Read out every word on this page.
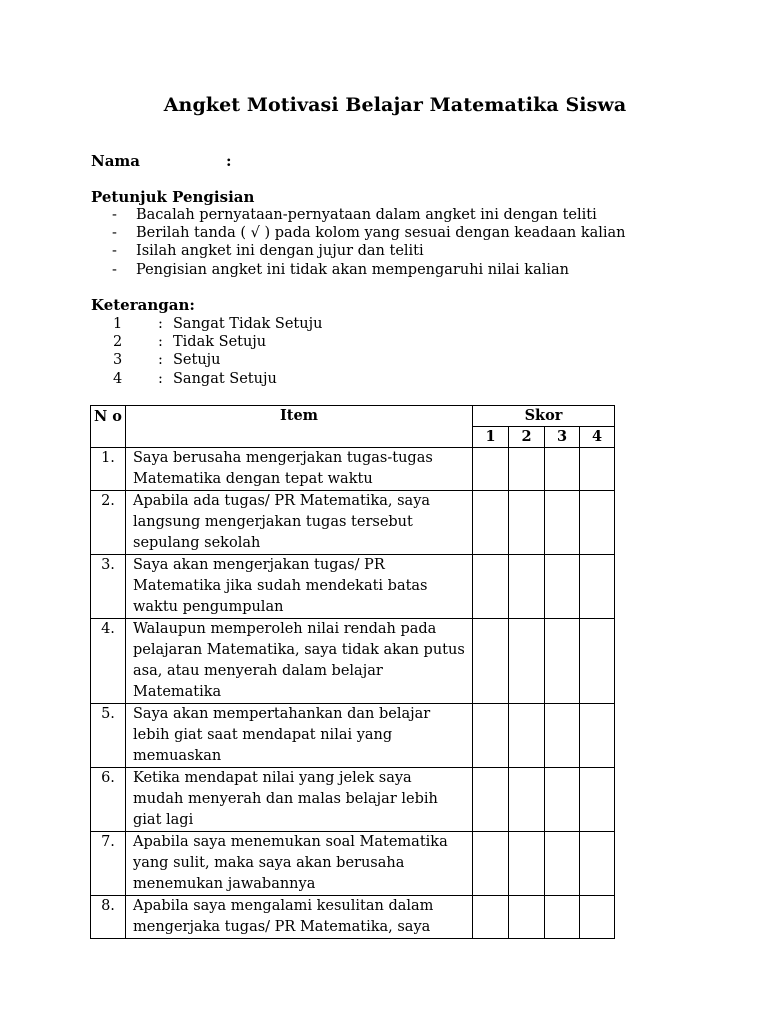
Angket Motivasi Belajar Matematika Siswa
Nama	:
Petunjuk Pengisian
- Bacalah pernyataan-pernyataan dalam angket ini dengan teliti
- Berilah tanda ( √ ) pada kolom yang sesuai dengan keadaan kalian
- Isilah angket ini dengan jujur dan teliti
- Pengisian angket ini tidak akan mempengaruhi nilai kalian
Keterangan:
1 : Sangat Tidak Setuju
2 : Tidak Setuju
3 : Setuju
4 : Sangat Setuju
N o	Item	Skor			
		1	2	3	4
1.	Saya berusaha mengerjakan tugas-tugas Matematika dengan tepat waktu				
2.	Apabila ada tugas/ PR Matematika, saya langsung mengerjakan tugas tersebut sepulang sekolah				
3.	Saya akan mengerjakan tugas/ PR Matematika jika sudah mendekati batas waktu pengumpulan				
4.	Walaupun memperoleh nilai rendah pada pelajaran Matematika, saya tidak akan putus asa, atau menyerah dalam belajar Matematika				
5.	Saya akan mempertahankan dan belajar lebih giat saat mendapat nilai yang memuaskan				
6.	Ketika mendapat nilai yang jelek saya mudah menyerah dan malas belajar lebih giat lagi				
7.	Apabila saya menemukan soal Matematika yang sulit, maka saya akan berusaha menemukan jawabannya				
8.	Apabila saya mengalami kesulitan dalam mengerjaka tugas/ PR Matematika, saya				
